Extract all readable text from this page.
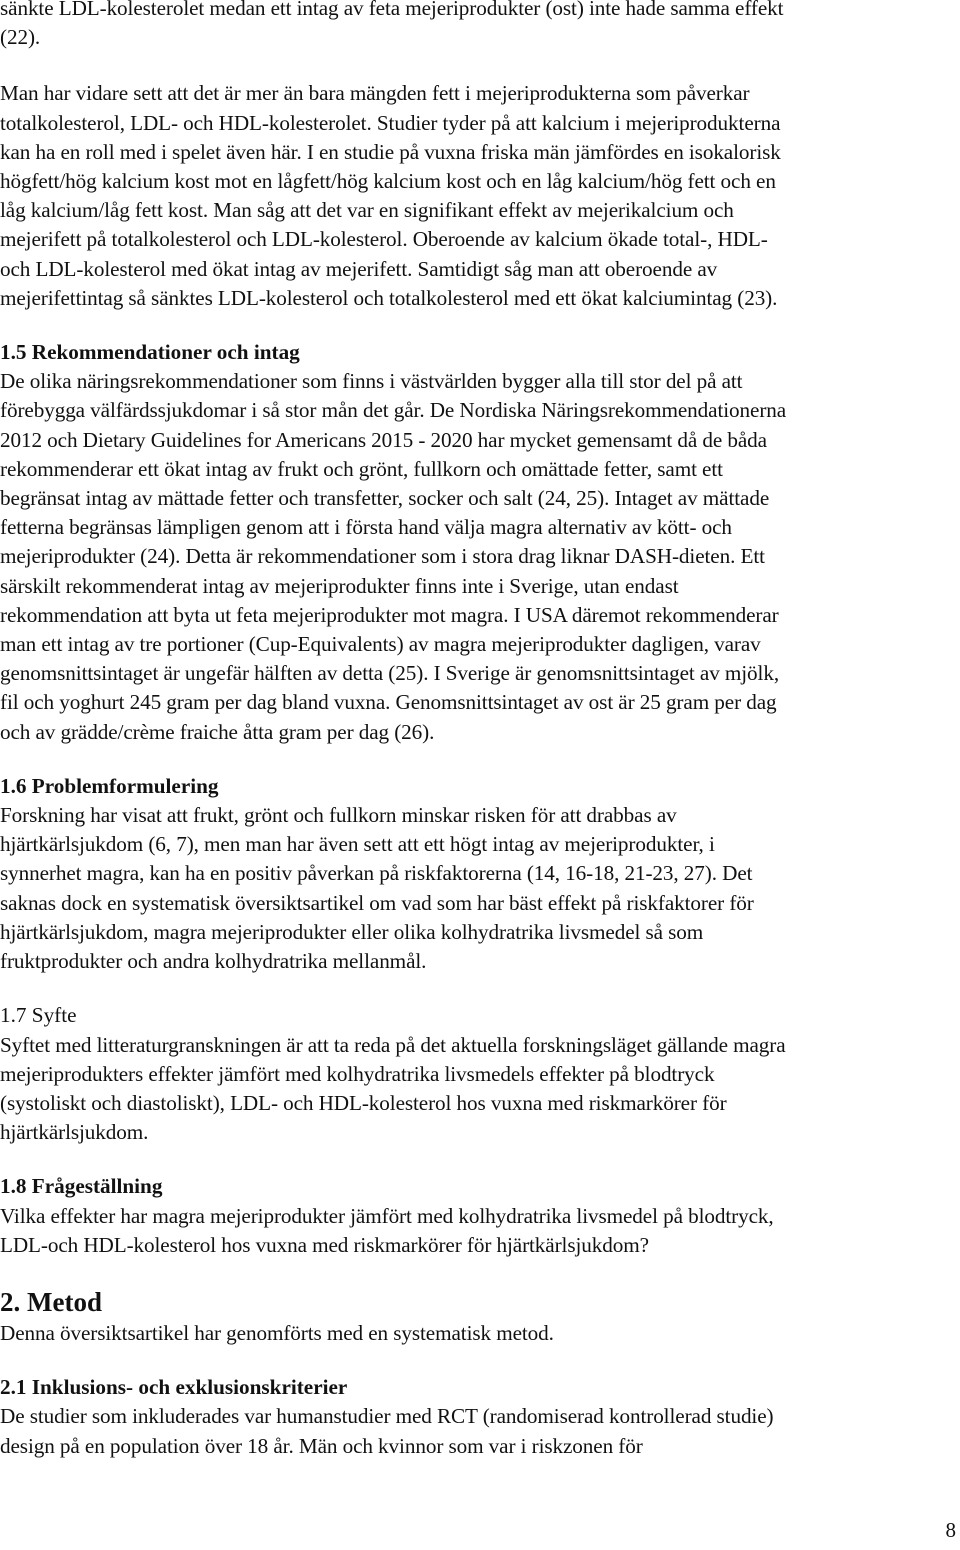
sänkte LDL-kolesterolet medan ett intag av feta mejeriprodukter (ost) inte hade samma effekt
(22).

Man har vidare sett att det är mer än bara mängden fett i mejeriprodukterna som påverkar
totalkolesterol, LDL- och HDL-kolesterolet. Studier tyder på att kalcium i mejeriprodukterna
kan ha en roll med i spelet även här. I en studie på vuxna friska män jämfördes en isokalorisk
högfett/hög kalcium kost mot en lågfett/hög kalcium kost och en låg kalcium/hög fett och en
låg kalcium/låg fett kost. Man såg att det var en signifikant effekt av mejerikalcium och
mejerifett på totalkolesterol och LDL-kolesterol. Oberoende av kalcium ökade total-, HDL-
och LDL-kolesterol med ökat intag av mejerifett. Samtidigt såg man att oberoende av
mejerifettintag så sänktes LDL-kolesterol och totalkolesterol med ett ökat kalciumintag (23).

1.5 Rekommendationer och intag

De olika näringsrekommendationer som finns i västvärlden bygger alla till stor del på att
förebygga välfärdssjukdomar i så stor mån det går. De Nordiska Näringsrekommendationerna
2012 och Dietary Guidelines for Americans 2015 - 2020 har mycket gemensamt då de båda
rekommenderar ett ökat intag av frukt och grönt, fullkorn och omättade fetter, samt ett
begränsat intag av mättade fetter och transfetter, socker och salt (24, 25). Intaget av mättade
fetterna begränsas lämpligen genom att i första hand välja magra alternativ av kött- och
mejeriprodukter (24). Detta är rekommendationer som i stora drag liknar DASH-dieten. Ett
särskilt rekommenderat intag av mejeriprodukter finns inte i Sverige, utan endast
rekommendation att byta ut feta mejeriprodukter mot magra. I USA däremot rekommenderar
man ett intag av tre portioner (Cup-Equivalents) av magra mejeriprodukter dagligen, varav
genomsnittsintaget är ungefär hälften av detta (25). I Sverige är genomsnittsintaget av mjölk,
fil och yoghurt 245 gram per dag bland vuxna. Genomsnittsintaget av ost är 25 gram per dag
och av grädde/crème fraiche åtta gram per dag (26).

1.6 Problemformulering

Forskning har visat att frukt, grönt och fullkorn minskar risken för att drabbas av
hjärtkärlsjukdom (6, 7), men man har även sett att ett högt intag av mejeriprodukter, i
synnerhet magra, kan ha en positiv påverkan på riskfaktorerna (14, 16-18, 21-23, 27). Det
saknas dock en systematisk översiktsartikel om vad som har bäst effekt på riskfaktorer för
hjärtkärlsjukdom, magra mejeriprodukter eller olika kolhydratrika livsmedel så som
fruktprodukter och andra kolhydratrika mellanmål.

1.7 Syfte

Syftet med litteraturgranskningen är att ta reda på det aktuella forskningsläget gällande magra
mejeriprodukters effekter jämfört med kolhydratrika livsmedels effekter på blodtryck
(systoliskt och diastoliskt), LDL- och HDL-kolesterol hos vuxna med riskmarkörer för
hjärtkärlsjukdom.

1.8 Frågeställning

Vilka effekter har magra mejeriprodukter jämfört med kolhydratrika livsmedel på blodtryck,
LDL-och HDL-kolesterol hos vuxna med riskmarkörer för hjärtkärlsjukdom?

2. Metod

Denna översiktsartikel har genomförts med en systematisk metod.

2.1 Inklusions- och exklusionskriterier

De studier som inkluderades var humanstudier med RCT (randomiserad kontrollerad studie)
design på en population över 18 år. Män och kvinnor som var i riskzonen för

8
